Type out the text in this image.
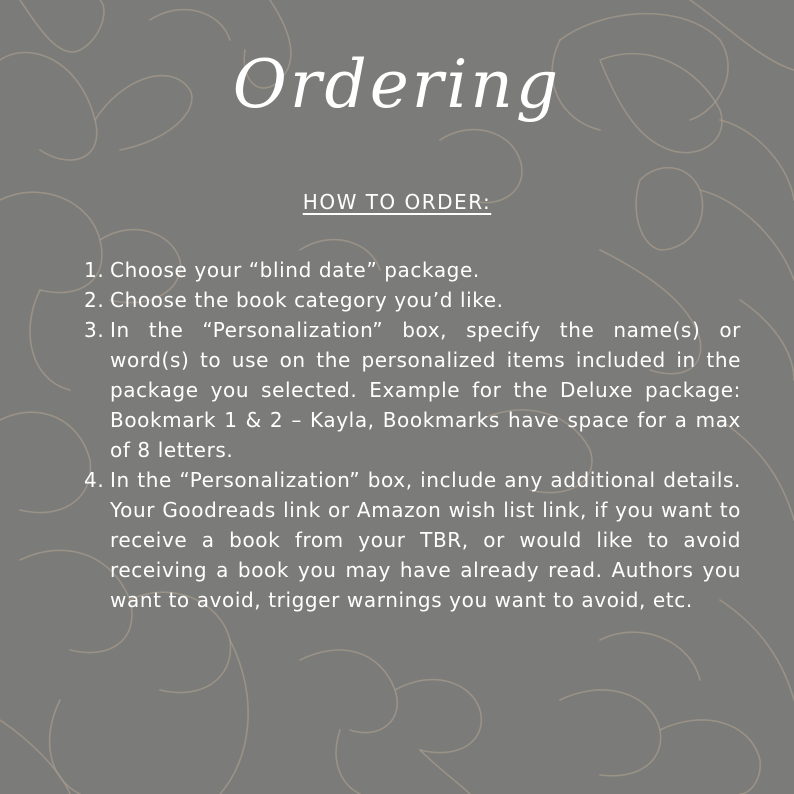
Ordering
HOW TO ORDER:
1. Choose your “blind date” package.

2. Choose the book category you’d like.

3. In the “Personalization” box, specify the name(s) or word(s) to use on the personalized items included in the package you selected. Example for the Deluxe package: Bookmark 1 & 2 – Kayla, Bookmarks have space for a max of 8 letters.

4. In the “Personalization” box, include any additional details. Your Goodreads link or Amazon wish list link, if you want to receive a book from your TBR, or would like to avoid receiving a book you may have already read. Authors you want to avoid, trigger warnings you want to avoid, etc.
